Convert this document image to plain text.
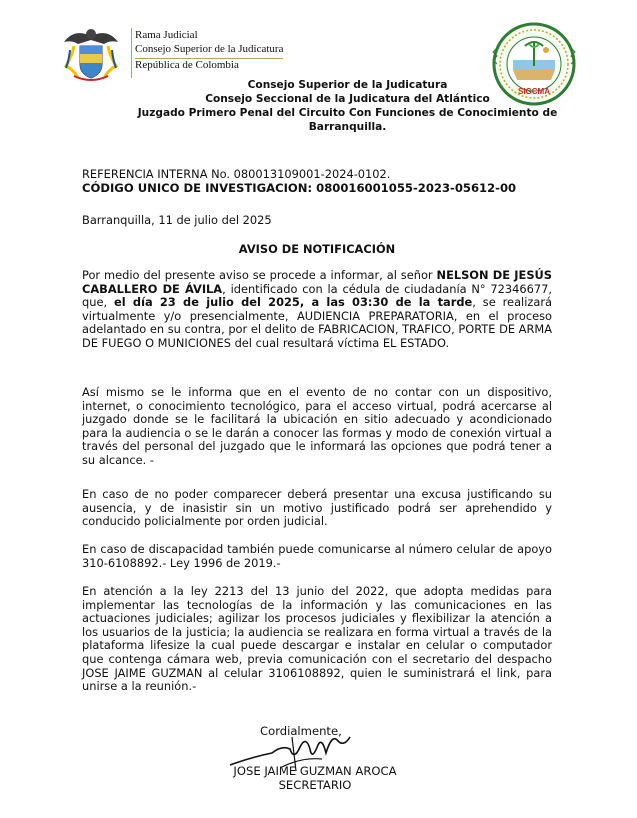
Rama Judicial
Consejo Superior de la Judicatura
República de Colombia
SIGCMA
Consejo Superior de la Judicatura
Consejo Seccional de la Judicatura del Atlántico
Juzgado Primero Penal del Circuito Con Funciones de Conocimiento de
Barranquilla.
REFERENCIA INTERNA No. 080013109001-2024-0102.
CÓDIGO UNICO DE INVESTIGACION: 080016001055-2023-05612-00
Barranquilla, 11 de julio del 2025
AVISO DE NOTIFICACIÓN
Por medio del presente aviso se procede a informar, al señor NELSON DE JESÚS CABALLERO DE ÁVILA, identificado con la cédula de ciudadanía N° 72346677, que, el día 23 de julio del 2025, a las 03:30 de la tarde, se realizará virtualmente y/o presencialmente, AUDIENCIA PREPARATORIA, en el proceso adelantado en su contra, por el delito de FABRICACION, TRAFICO, PORTE DE ARMA DE FUEGO O MUNICIONES del cual resultará víctima EL ESTADO.
Así mismo se le informa que en el evento de no contar con un dispositivo, internet, o conocimiento tecnológico, para el acceso virtual, podrá acercarse al juzgado donde se le facilitará la ubicación en sitio adecuado y acondicionado para la audiencia o se le darán a conocer las formas y modo de conexión virtual a través del personal del juzgado que le informará las opciones que podrá tener a su alcance. -
En caso de no poder comparecer deberá presentar una excusa justificando su ausencia, y de inasistir sin un motivo justificado podrá ser aprehendido y conducido policialmente por orden judicial.
En caso de discapacidad también puede comunicarse al número celular de apoyo 310-6108892.- Ley 1996 de 2019.-
En atención a la ley 2213 del 13 junio del 2022, que adopta medidas para implementar las tecnologías de la información y las comunicaciones en las actuaciones judiciales; agilizar los procesos judiciales y flexibilizar la atención a los usuarios de la justicia; la audiencia se realizara en forma virtual a través de la plataforma lifesize la cual puede descargar e instalar en celular o computador que contenga cámara web, previa comunicación con el secretario del despacho JOSE JAIME GUZMAN al celular 3106108892, quien le suministrará el link, para unirse a la reunión.-
Cordialmente,
JOSE JAIME GUZMAN AROCA
SECRETARIO
